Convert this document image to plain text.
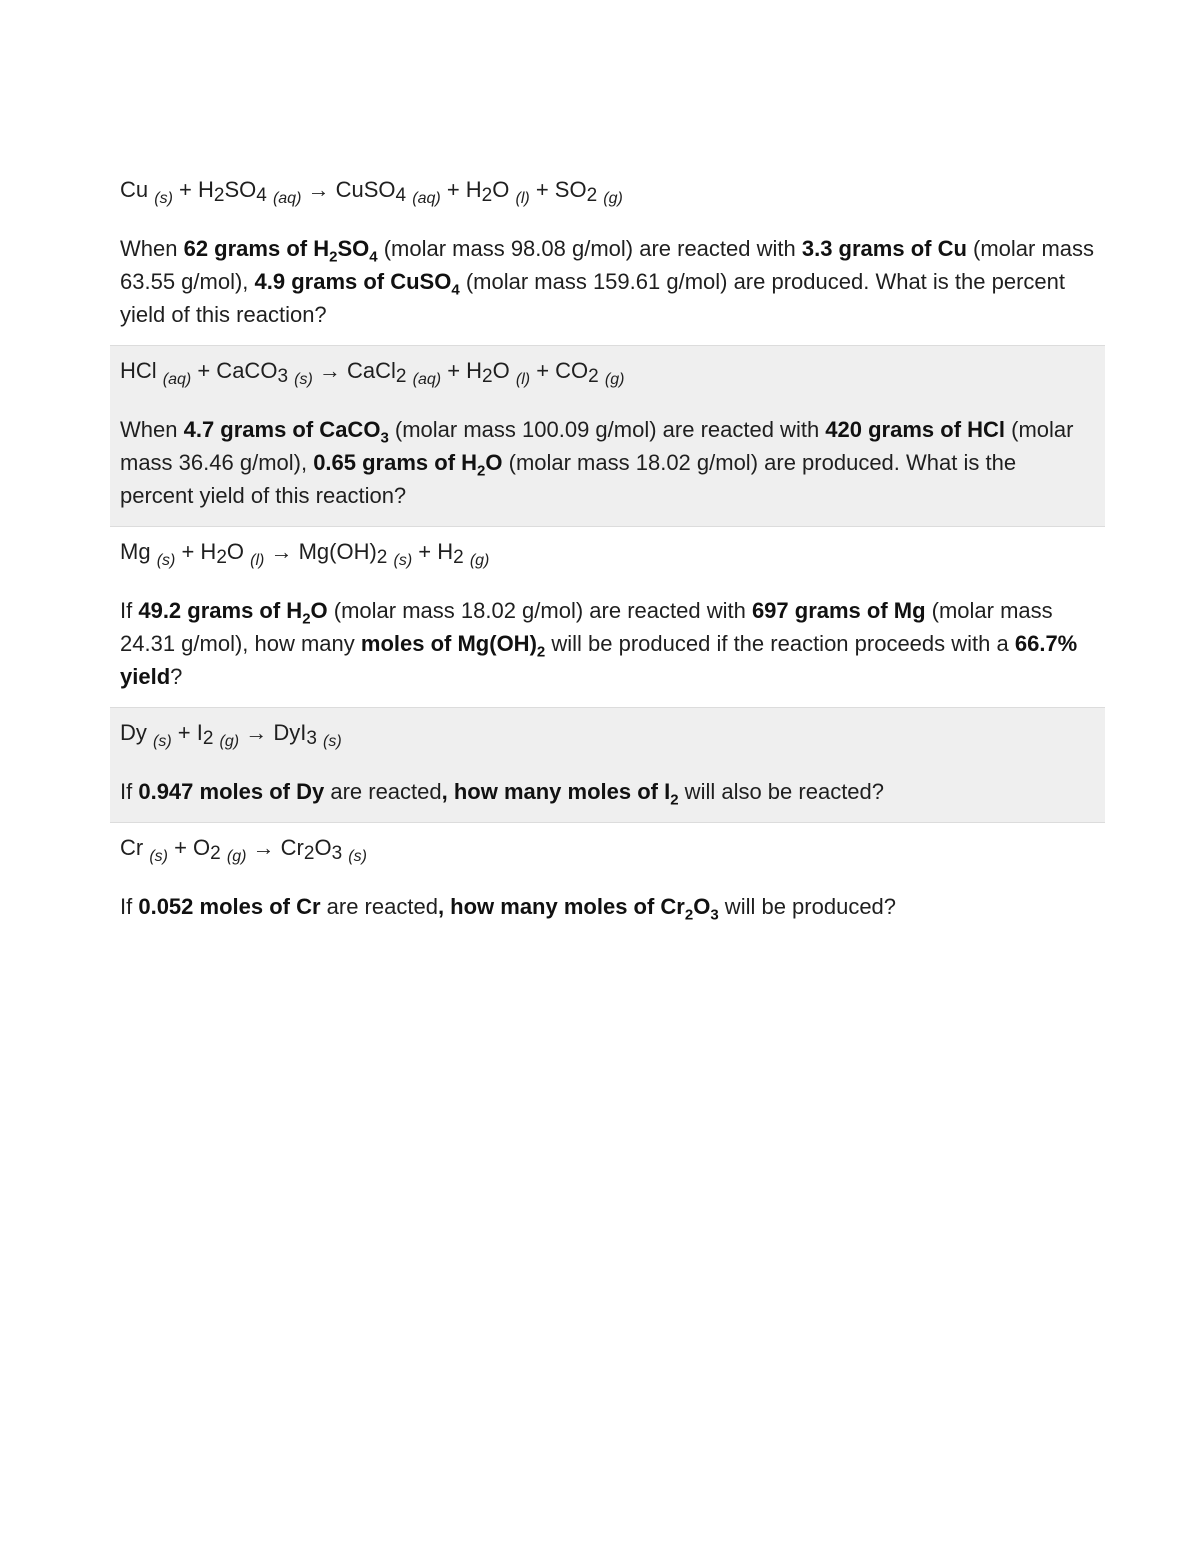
Cu $_{(s)}$ + H2SO4 $_{(aq)}$ → CuSO4 $_{(aq)}$ + H2O $_{(l)}$ + SO2 $_{(g)}$

When 62 grams of $H_2SO_4$ (molar mass 98.08 g/mol) are reacted with 3.3 grams of Cu (molar mass 63.55 g/mol), 4.9 grams of CuSO$_4$ (molar mass 159.61 g/mol) are produced. What is the percent yield of this reaction?

HCl $_{(aq)}$ + CaCO3 $_{(s)}$ → CaCl2 $_{(aq)}$ + H2O $_{(l)}$ + CO2 $_{(g)}$

When 4.7 grams of CaCO$_3$ (molar mass 100.09 g/mol) are reacted with 420 grams of HCl (molar mass 36.46 g/mol), 0.65 grams of $H_2O$ (molar mass 18.02 g/mol) are produced. What is the percent yield of this reaction?

Mg $_{(s)}$ + H2O $_{(l)}$ → Mg(OH)2 $_{(s)}$ + H2 $_{(g)}$

If 49.2 grams of $H_2O$ (molar mass 18.02 g/mol) are reacted with 697 grams of Mg (molar mass 24.31 g/mol), how many moles of $Mg(OH)_2$ will be produced if the reaction proceeds with a 66.7% yield?

Dy $_{(s)}$ + I2 $_{(g)}$ → DyI3 $_{(s)}$

If 0.947 moles of Dy are reacted, how many moles of $I_2$ will also be reacted?

Cr $_{(s)}$ + O2 $_{(g)}$ → Cr2O3 $_{(s)}$

If 0.052 moles of Cr are reacted, how many moles of $Cr_2O_3$ will be produced?
